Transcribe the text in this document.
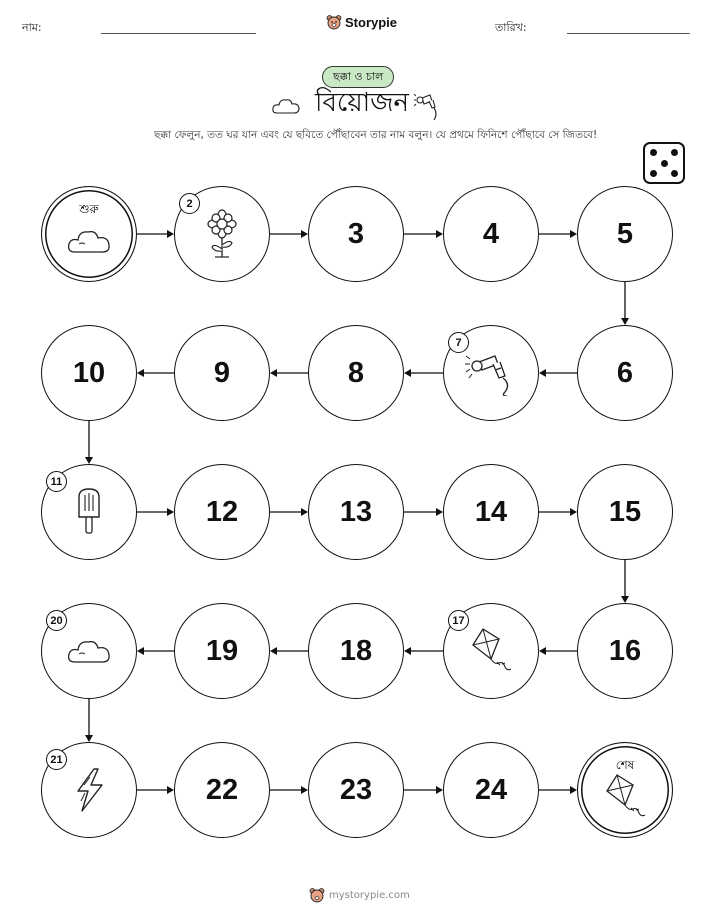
নাম:	Storypie	তারিখ:
ছক্কা ও চাল
বিয়োজন
ছক্কা ফেলুন, তত ঘর যান এবং যে ছবিতে পৌঁছাবেন তার নাম বলুন। যে প্রথমে ফিনিশে পৌঁছাবে সে জিতবে!
শুরু	2
3	4	5
6
7
8
9
10
11
12	13	14	15
16
17
18
19
20
21
22	23	24
শেষ
mystorypie.com
